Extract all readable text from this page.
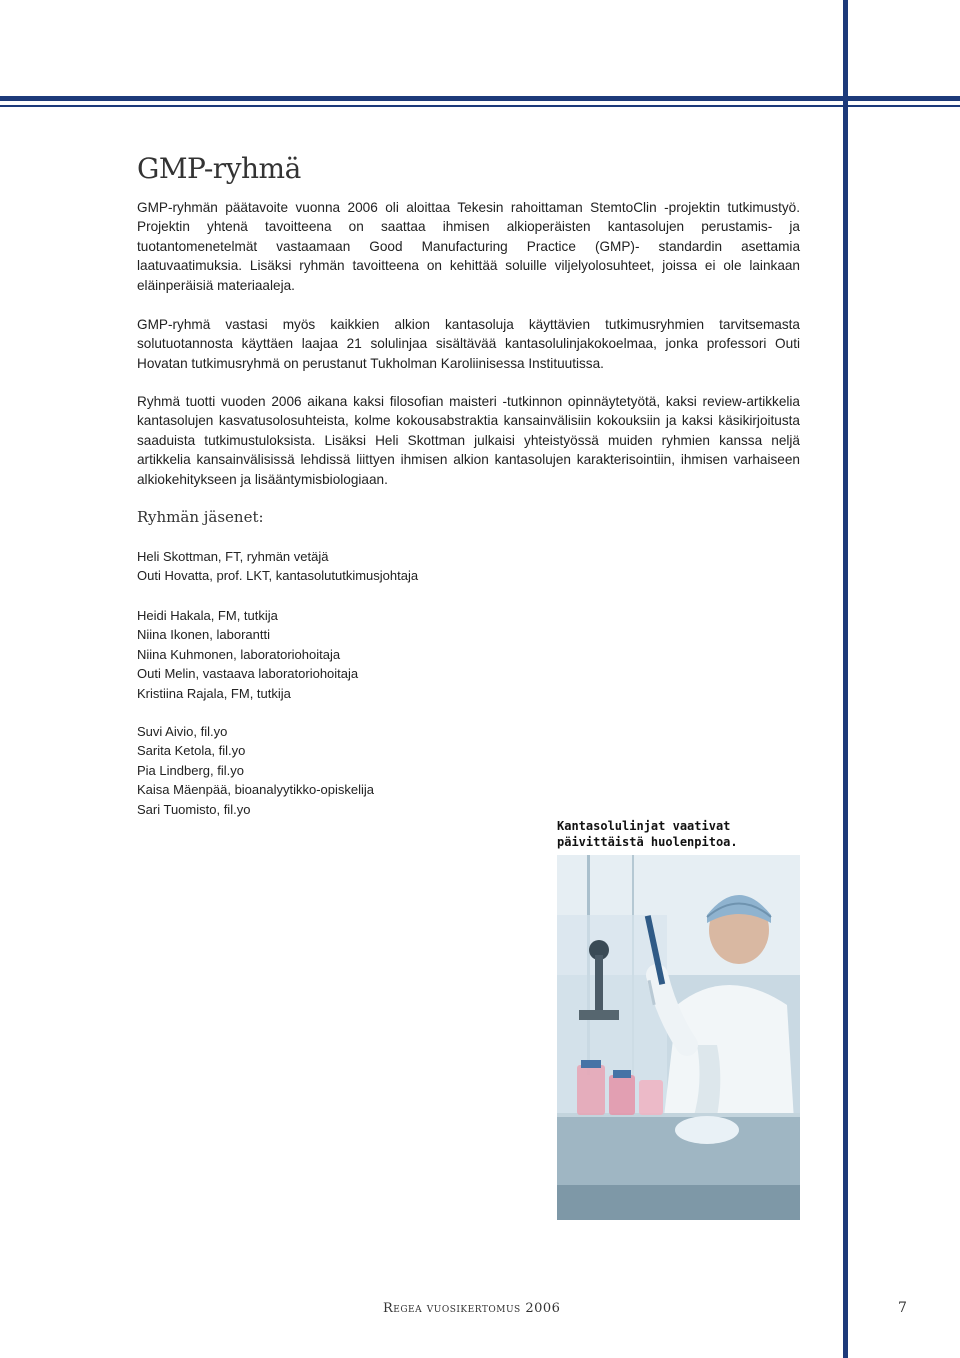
GMP-ryhmä

GMP-ryhmän päätavoite vuonna 2006 oli aloittaa Tekesin rahoittaman StemtoClin -projektin tutkimustyö. Projektin yhtenä tavoitteena on saattaa ihmisen alkioperäisten kantasolujen perustamis- ja tuotantomenetelmät vastaamaan Good Manufacturing Practice (GMP)- standardin asettamia laatuvaatimuksia. Lisäksi ryhmän tavoitteena on kehittää soluille viljelyolosuhteet, joissa ei ole lainkaan eläinperäisiä materiaaleja.

GMP-ryhmä vastasi myös kaikkien alkion kantasoluja käyttävien tutkimusryhmien tarvitsemasta solutuotannosta käyttäen laajaa 21 solulinjaa sisältävää kantasolulinjakokoelmaa, jonka professori Outi Hovatan tutkimusryhmä on perustanut Tukholman Karoliinisessa Instituutissa.

Ryhmä tuotti vuoden 2006 aikana kaksi filosofian maisteri -tutkinnon opinnäytetyötä, kaksi review-artikkelia kantasolujen kasvatusolosuhteista, kolme kokousabstraktia kansainvälisiin kokouksiin ja kaksi käsikirjoitusta saaduista tutkimustuloksista. Lisäksi Heli Skottman julkaisi yhteistyössä muiden ryhmien kanssa neljä artikkelia kansainvälisissä lehdissä liittyen ihmisen alkion kantasolujen karakterisointiin, ihmisen varhaiseen alkiokehitykseen ja lisääntymisbiologiaan.

Ryhmän jäsenet:
Heli Skottman, FT, ryhmän vetäjä
Outi Hovatta, prof. LKT, kantasolututkimusjohtaja
Heidi Hakala, FM, tutkija
Niina Ikonen, laborantti
Niina Kuhmonen, laboratoriohoitaja
Outi Melin, vastaava laboratoriohoitaja
Kristiina Rajala, FM, tutkija
Suvi Aivio, fil.yo
Sarita Ketola, fil.yo
Pia Lindberg, fil.yo
Kaisa Mäenpää, bioanalyytikko-opiskelija
Sari Tuomisto, fil.yo

Kantasolulinjat vaativat päivittäistä huolenpitoa.

Regea vuosikertomus 2006	7
